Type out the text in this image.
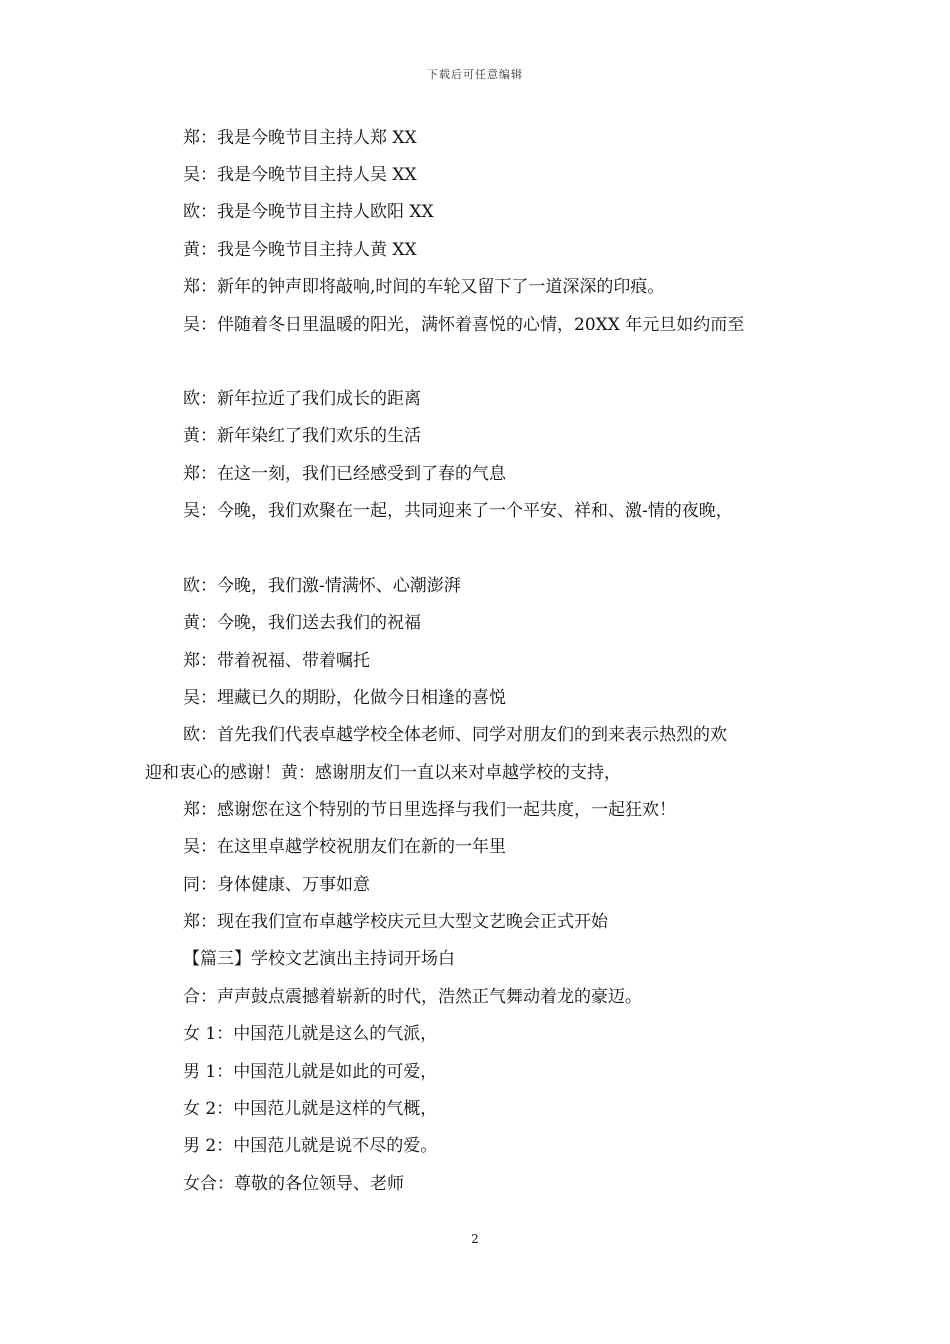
下载后可任意编辑
郑：我是今晚节目主持人郑 XX
吴：我是今晚节目主持人吴 XX
欧：我是今晚节目主持人欧阳 XX
黄：我是今晚节目主持人黄 XX
郑：新年的钟声即将敲响,时间的车轮又留下了一道深深的印痕。
吴：伴随着冬日里温暖的阳光，满怀着喜悦的心情，20XX 年元旦如约而至
欧：新年拉近了我们成长的距离
黄：新年染红了我们欢乐的生活
郑：在这一刻，我们已经感受到了春的气息
吴：今晚，我们欢聚在一起，共同迎来了一个平安、祥和、激-情的夜晚，
欧：今晚，我们激-情满怀、心潮澎湃
黄：今晚，我们送去我们的祝福
郑：带着祝福、带着嘱托
吴：埋藏已久的期盼，化做今日相逢的喜悦
欧：首先我们代表卓越学校全体老师、同学对朋友们的到来表示热烈的欢
迎和衷心的感谢！黄：感谢朋友们一直以来对卓越学校的支持，
郑：感谢您在这个特别的节日里选择与我们一起共度，一起狂欢！
吴：在这里卓越学校祝朋友们在新的一年里
同：身体健康、万事如意
郑：现在我们宣布卓越学校庆元旦大型文艺晚会正式开始
【篇三】学校文艺演出主持词开场白
合：声声鼓点震撼着崭新的时代，浩然正气舞动着龙的豪迈。
女 1：中国范儿就是这么的气派，
男 1：中国范儿就是如此的可爱，
女 2：中国范儿就是这样的气概，
男 2：中国范儿就是说不尽的爱。
女合：尊敬的各位领导、老师
2
